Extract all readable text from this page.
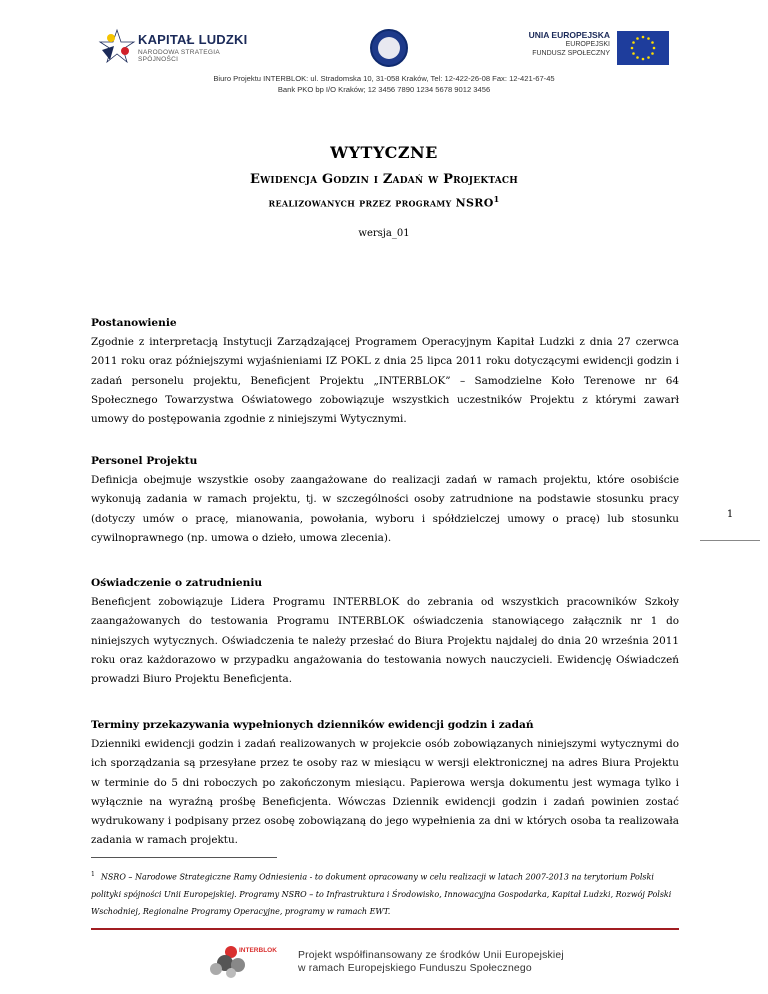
KAPITAŁ LUDZKI
NARODOWA STRATEGIA SPÓJNOŚCI
UNIA EUROPEJSKA
EUROPEJSKI
FUNDUSZ SPOŁECZNY
Biuro Projektu INTERBLOK: ul. Stradomska 10, 31-058 Kraków, Tel: 12-422-26-08 Fax: 12-421-67-45
Bank PKO bp I/O Kraków; 12 3456 7890 1234 5678 9012 3456
WYTYCZNE
Ewidencja Godzin i Zadań w Projektach
realizowanych przez programy NSRO$^1$
wersja_01
Postanowienie

Zgodnie z interpretacją Instytucji Zarządzającej Programem Operacyjnym Kapitał Ludzki z dnia 27 czerwca 2011 roku oraz późniejszymi wyjaśnieniami IZ POKL z dnia 25 lipca 2011 roku dotyczącymi ewidencji godzin i zadań personelu projektu, Beneficjent Projektu „INTERBLOK” – Samodzielne Koło Terenowe nr 64 Społecznego Towarzystwa Oświatowego zobowiązuje wszystkich uczestników Projektu z którymi zawarł umowy do postępowania zgodnie z niniejszymi Wytycznymi.

Personel Projektu

Definicja obejmuje wszystkie osoby zaangażowane do realizacji zadań w ramach projektu, które osobiście wykonują zadania w ramach projektu, tj. w szczególności osoby zatrudnione na podstawie stosunku pracy (dotyczy umów o pracę, mianowania, powołania, wyboru i spółdzielczej umowy o pracę) lub stosunku cywilnoprawnego (np. umowa o dzieło, umowa zlecenia).

Oświadczenie o zatrudnieniu

Beneficjent zobowiązuje Lidera Programu INTERBLOK do zebrania od wszystkich pracowników Szkoły zaangażowanych do testowania Programu INTERBLOK oświadczenia stanowiącego załącznik nr 1 do niniejszych wytycznych. Oświadczenia te należy przesłać do Biura Projektu najdalej do dnia 20 września 2011 roku oraz każdorazowo w przypadku angażowania do testowania nowych nauczycieli. Ewidencję Oświadczeń prowadzi Biuro Projektu Beneficjenta.

Terminy przekazywania wypełnionych dzienników ewidencji godzin i zadań

Dzienniki ewidencji godzin i zadań realizowanych w projekcie osób zobowiązanych niniejszymi wytycznymi do ich sporządzania są przesyłane przez te osoby raz w miesiącu w wersji elektronicznej na adres Biura Projektu w terminie do 5 dni roboczych po zakończonym miesiącu. Papierowa wersja dokumentu jest wymaga tylko i wyłącznie na wyraźną prośbę Beneficjenta. Wówczas Dziennik ewidencji godzin i zadań powinien zostać wydrukowany i podpisany przez osobę zobowiązaną do jego wypełnienia za dni w których osoba ta realizowała zadania w ramach projektu.

1
$^1$ NSRO – Narodowe Strategiczne Ramy Odniesienia - to dokument opracowany w celu realizacji w latach 2007-2013 na terytorium Polski polityki spójności Unii Europejskiej. Programy NSRO – to Infrastruktura i Środowisko, Innowacyjna Gospodarka, Kapitał Ludzki, Rozwój Polski Wschodniej, Regionalne Programy Operacyjne, programy w ramach EWT.
INTERBLOK Projekt współfinansowany ze środków Unii Europejskiej
w ramach Europejskiego Funduszu Społecznego
